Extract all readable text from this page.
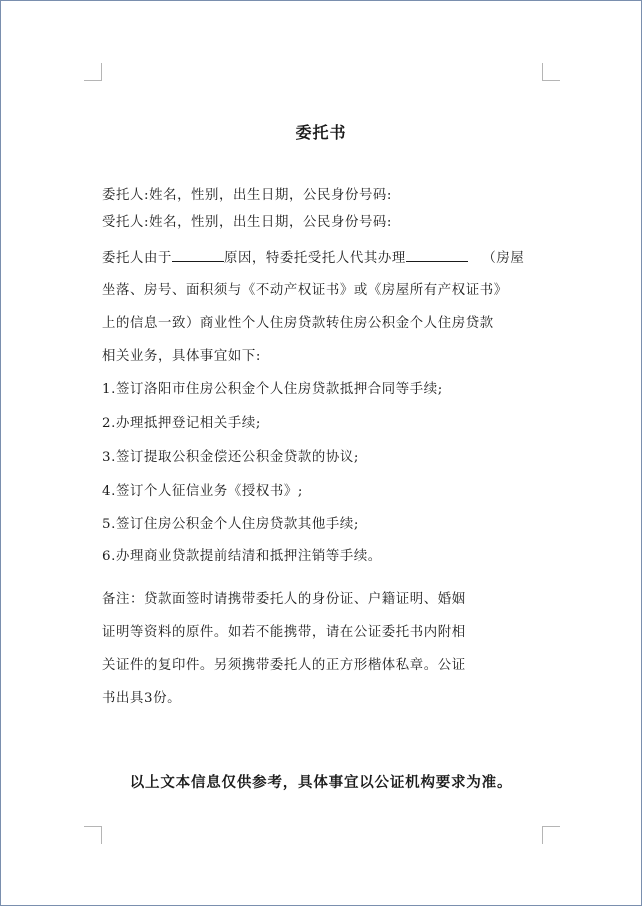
委托书
委托人:姓名，性别，出生日期，公民身份号码:
受托人:姓名，性别，出生日期，公民身份号码:
委托人由于	原因，特委托受托人代其办理	（房屋
坐落、房号、面积须与《不动产权证书》或《房屋所有产权证书》
上的信息一致）商业性个人住房贷款转住房公积金个人住房贷款
相关业务，具体事宜如下:
1.签订洛阳市住房公积金个人住房贷款抵押合同等手续;
2.办理抵押登记相关手续;
3.签订提取公积金偿还公积金贷款的协议;
4.签订个人征信业务《授权书》;
5.签订住房公积金个人住房贷款其他手续;
6.办理商业贷款提前结清和抵押注销等手续。
备注：贷款面签时请携带委托人的身份证、户籍证明、婚姻
证明等资料的原件。如若不能携带，请在公证委托书内附相
关证件的复印件。另须携带委托人的正方形楷体私章。公证
书出具3份。
以上文本信息仅供参考，具体事宜以公证机构要求为准。
